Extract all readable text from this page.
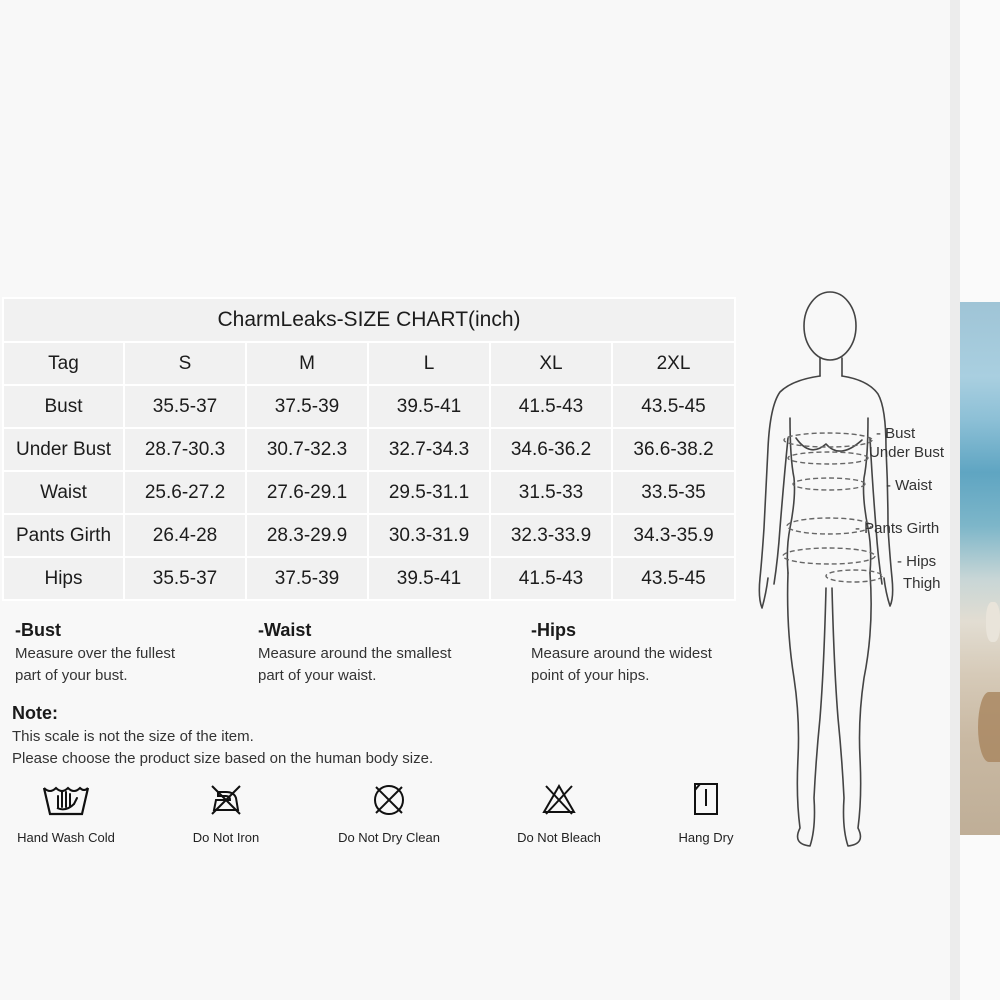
CharmLeaks-SIZE CHART(inch)					
Tag	S	M	L	XL	2XL
Bust	35.5-37	37.5-39	39.5-41	41.5-43	43.5-45
Under Bust	28.7-30.3	30.7-32.3	32.7-34.3	34.6-36.2	36.6-38.2
Waist	25.6-27.2	27.6-29.1	29.5-31.1	31.5-33	33.5-35
Pants Girth	26.4-28	28.3-29.9	30.3-31.9	32.3-33.9	34.3-35.9
Hips	35.5-37	37.5-39	39.5-41	41.5-43	43.5-45
-Bust

Measure over the fullest

part of your bust.

-Waist

Measure around the smallest

part of your waist.

-Hips

Measure around the widest

point of your hips.

Note:

This scale is not the size of the item.

Please choose the product size based on the human body size.

Hand Wash Cold	Do Not Iron	Do Not Dry Clean	Do Not Bleach	Hang Dry
- Bust
Under Bust
- Waist
- Pants Girth
- Hips
Thigh
